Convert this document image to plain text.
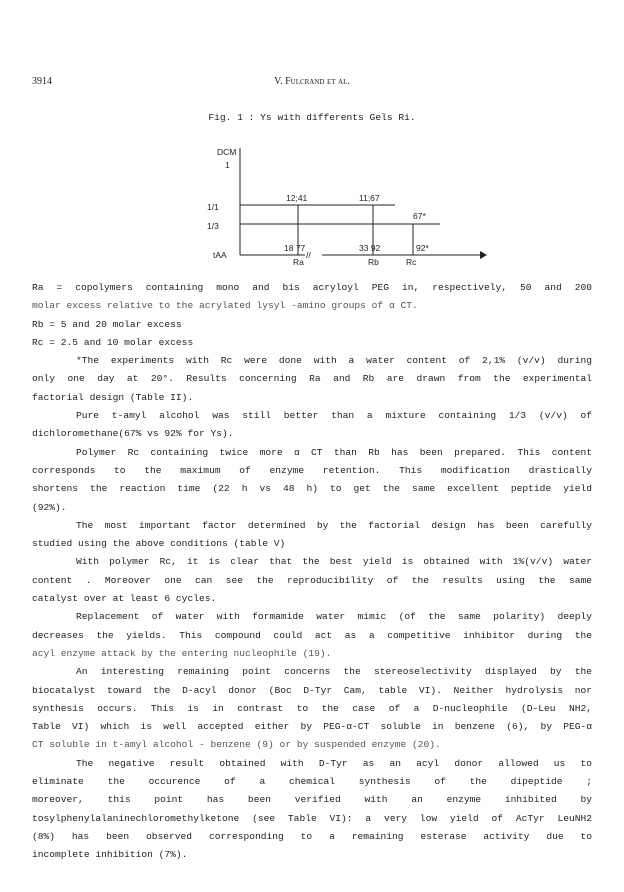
3914	V. Fulcrand et al.
Fig. 1 : Ys with differents Gels Ri.
DCM
1
1/1
1/3
tAA
12;41	11;67
67*
18 77	33 92	92*
//
Ra	Rb	Rc

Ra = copolymers containing mono and bis acryloyl PEG in, respectively, 50 and 200

molar excess relative to the acrylated lysyl -amino groups of α CT.

Rb = 5 and 20 molar excess

Rc = 2.5 and 10 molar excess

*The experiments with Rc were done with a water content of 2,1% (v/v) during

only one day at 20°. Results concerning Ra and Rb are drawn from the experimental

factorial design (Table II).

Pure t-amyl alcohol was still better than a mixture containing 1/3 (v/v) of

dichloromethane(67% vs 92% for Ys).

Polymer Rc containing twice more α CT than Rb has been prepared. This content

corresponds to the maximum of enzyme retention. This modification drastically

shortens the reaction time (22 h vs 48 h) to get the same excellent peptide yield

(92%).

The most important factor determined by the factorial design has been carefully

studied using the above conditions (table V)

With polymer Rc, it is clear that the best yield is obtained with 1%(v/v) water

content . Moreover one can see the reproducibility of the results using the same

catalyst over at least 6 cycles.

Replacement of water with formamide water mimic (of the same polarity) deeply

decreases the yields. This compound could act as a competitive inhibitor during the

acyl enzyme attack by the entering nucleophile (19).

An interesting remaining point concerns the stereoselectivity displayed by the

biocatalyst toward the D-acyl donor (Boc D-Tyr Cam, table VI). Neither hydrolysis nor

synthesis occurs. This is in contrast to the case of a D-nucleophile (D-Leu NH2,

Table VI) which is well accepted either by PEG-α-CT soluble in benzene (6), by PEG-α

CT soluble in t-amyl alcohol - benzene (9) or by suspended enzyme (20).

The negative result obtained with D-Tyr as an acyl donor allowed us to

eliminate the occurence of a chemical synthesis of the dipeptide ;

moreover, this point has been verified with an enzyme inhibited by

tosylphenylalaninechloromethylketone (see Table VI): a very low yield of AcTyr LeuNH2

(8%) has been observed corresponding to a remaining esterase activity due to

incomplete inhibition (7%).
